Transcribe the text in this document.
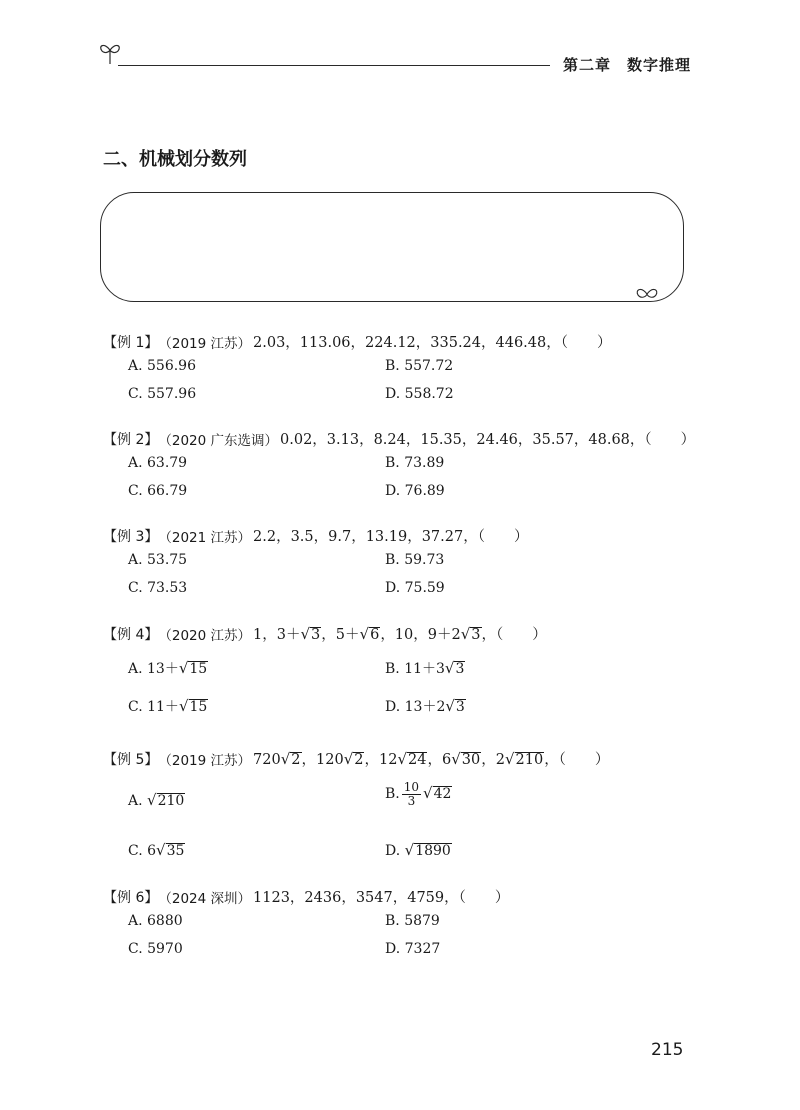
第二章　数字推理
二、机械划分数列
【例 1】 （2019 江苏） 2.03，113.06，224.12，335.24，446.48，（　　）
A. 556.96	B. 557.72
C. 557.96	D. 558.72
【例 2】 （2020 广东选调） 0.02，3.13，8.24，15.35，24.46，35.57，48.68，（　　）
A. 63.79	B. 73.89
C. 66.79	D. 76.89
【例 3】 （2021 江苏） 2.2，3.5，9.7，13.19，37.27，（　　）
A. 53.75	B. 59.73
C. 73.53	D. 75.59
【例 4】 （2020 江苏） 1，3＋ √ 3 ，5＋ √ 6 ，10，9＋2 √ 3 ，（　　）
A. 13＋ √ 15	B. 11＋3 √ 3
C. 11＋ √ 15	D. 13＋2 √ 3
【例 5】 （2019 江苏） 720 √ 2 ，120 √ 2 ，12 √ 24 ，6 √ 30 ，2 √ 210 ，（　　）
A. √ 210	B. $\frac{10}{3}$ √ 42
C. 6 √ 35	D. √ 1890
【例 6】 （2024 深圳） 1123，2436，3547，4759，（　　）
A. 6880	B. 5879
C. 5970	D. 7327
215
